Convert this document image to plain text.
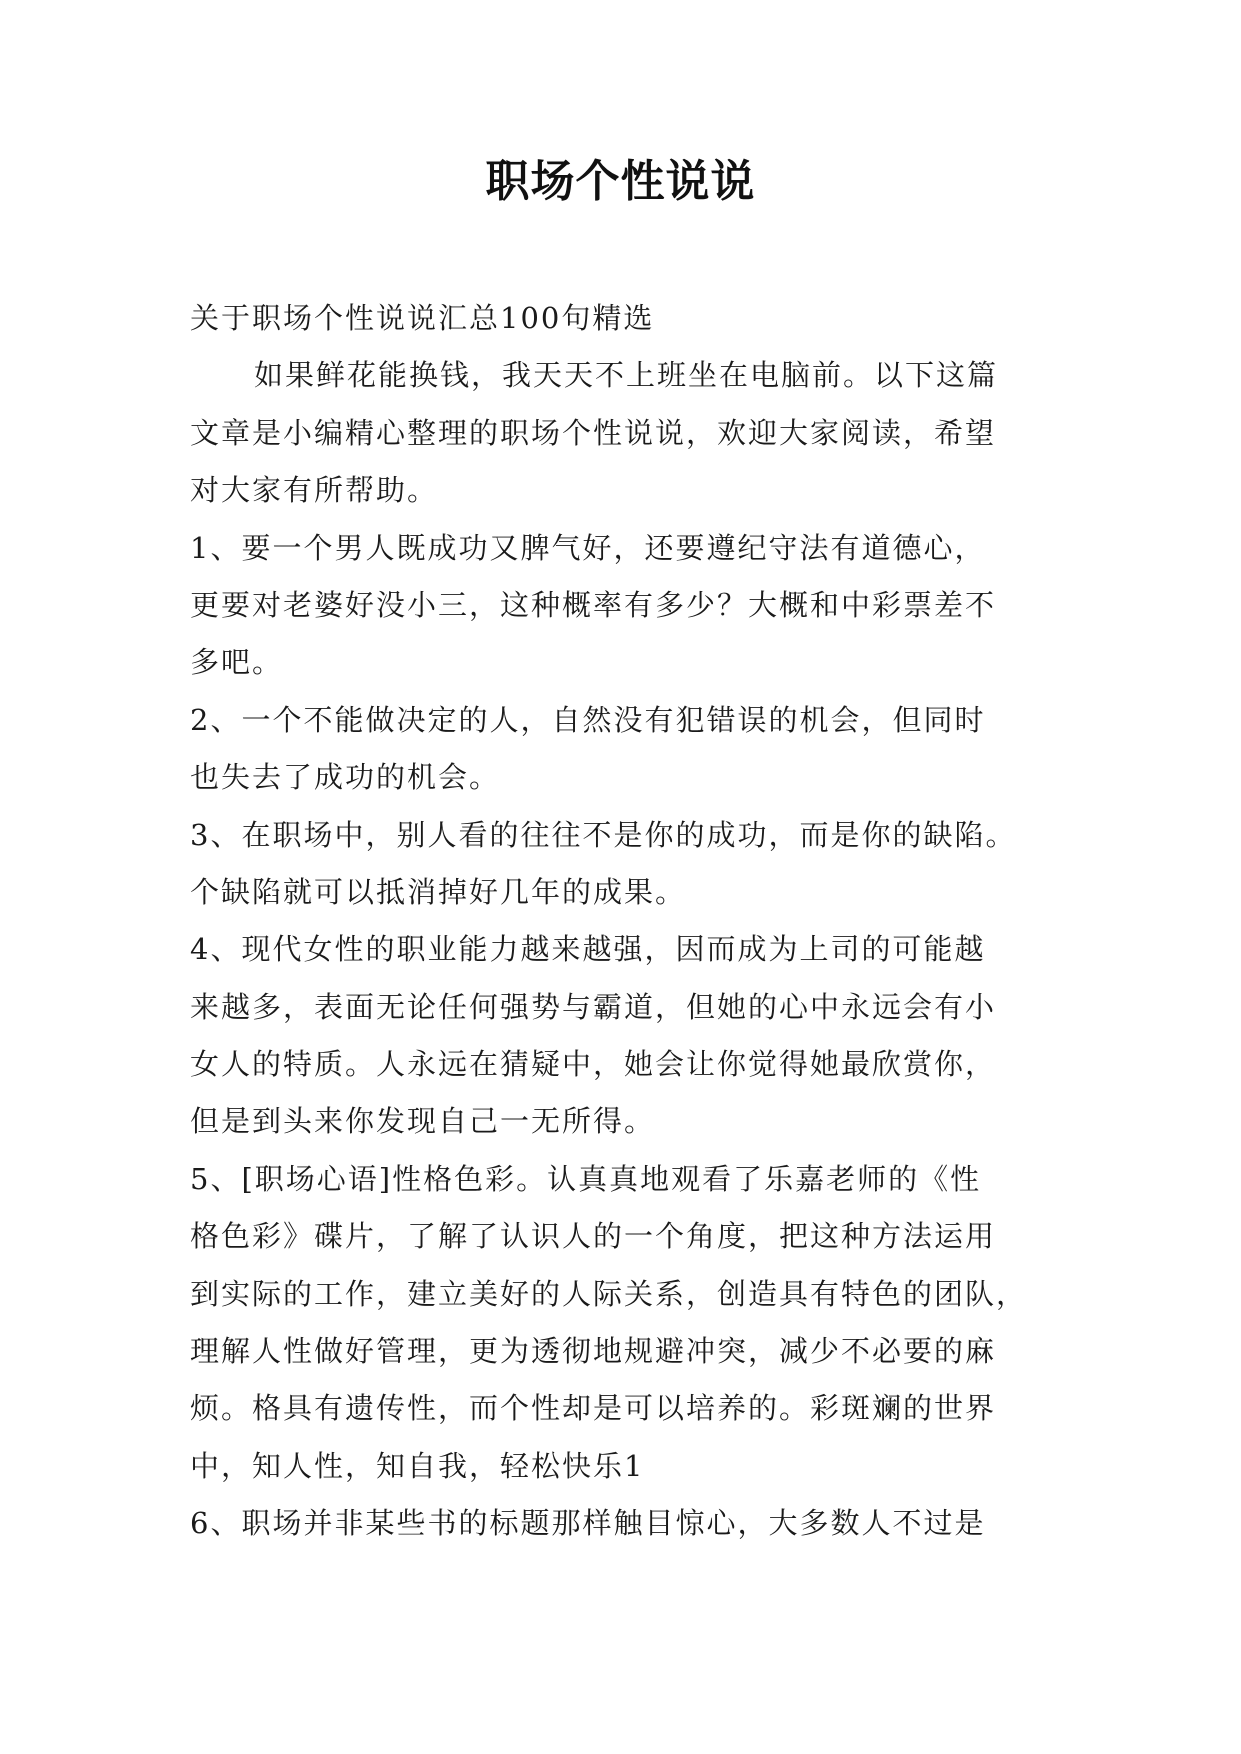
职场个性说说
关于职场个性说说汇总100句精选
如果鲜花能换钱，我天天不上班坐在电脑前。以下这篇
文章是小编精心整理的职场个性说说，欢迎大家阅读，希望
对大家有所帮助。
1、要一个男人既成功又脾气好，还要遵纪守法有道德心，
更要对老婆好没小三，这种概率有多少？大概和中彩票差不
多吧。
2、一个不能做决定的人，自然没有犯错误的机会，但同时
也失去了成功的机会。
3、在职场中，别人看的往往不是你的成功，而是你的缺陷。
个缺陷就可以抵消掉好几年的成果。
4、现代女性的职业能力越来越强，因而成为上司的可能越
来越多，表面无论任何强势与霸道，但她的心中永远会有小
女人的特质。人永远在猜疑中，她会让你觉得她最欣赏你，
但是到头来你发现自己一无所得。
5、[职场心语]性格色彩。认真真地观看了乐嘉老师的《性
格色彩》碟片，了解了认识人的一个角度，把这种方法运用
到实际的工作，建立美好的人际关系，创造具有特色的团队，
理解人性做好管理，更为透彻地规避冲突，减少不必要的麻
烦。格具有遗传性，而个性却是可以培养的。彩斑斓的世界
中，知人性，知自我，轻松快乐1
6、职场并非某些书的标题那样触目惊心，大多数人不过是
